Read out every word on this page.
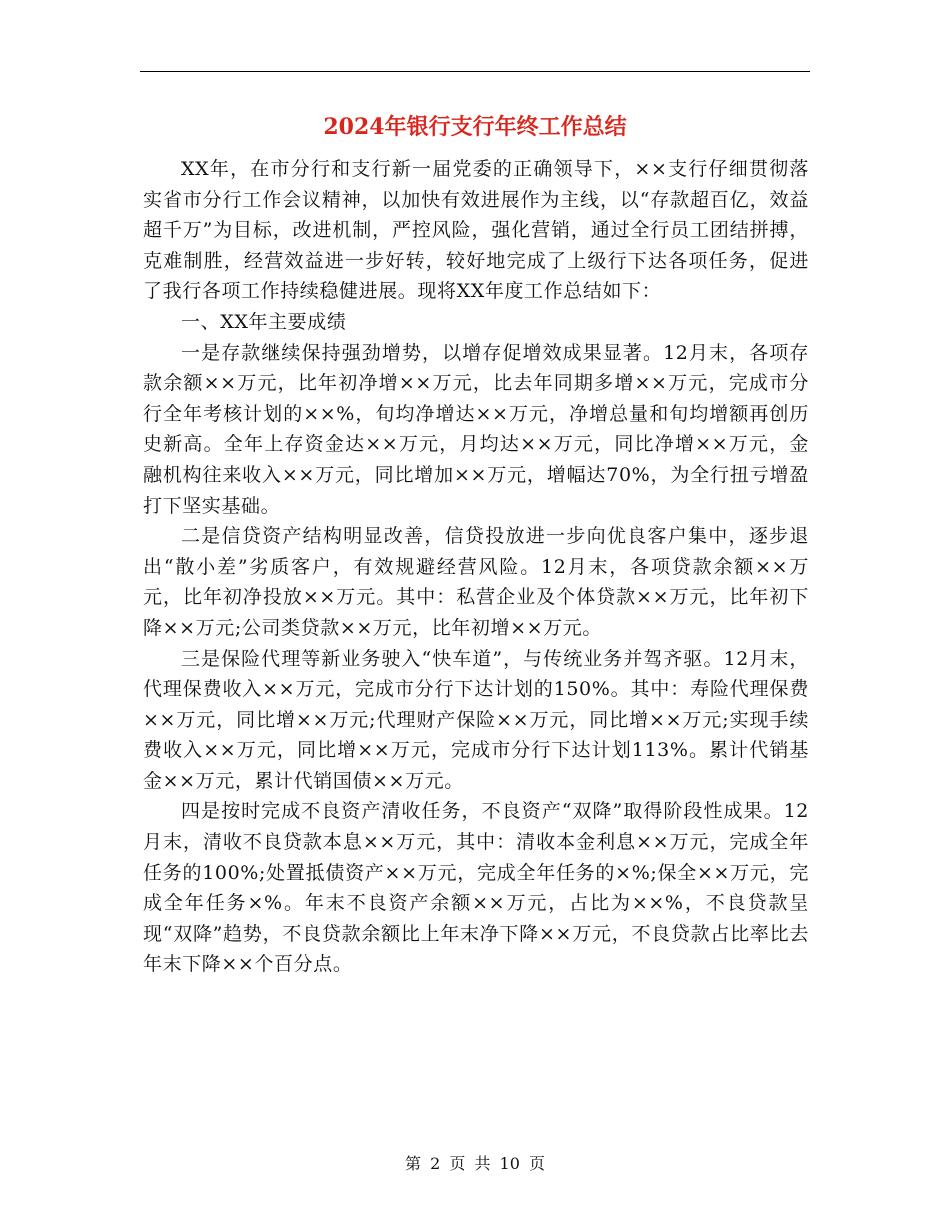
2024年银行支行年终工作总结

XX年，在市分行和支行新一届党委的正确领导下，××支行仔细贯彻落实省市分行工作会议精神，以加快有效进展作为主线，以“存款超百亿，效益超千万”为目标，改进机制，严控风险，强化营销，通过全行员工团结拼搏，克难制胜，经营效益进一步好转，较好地完成了上级行下达各项任务，促进了我行各项工作持续稳健进展。现将XX年度工作总结如下：

一、XX年主要成绩

一是存款继续保持强劲增势，以增存促增效成果显著。12月末，各项存款余额××万元，比年初净增××万元，比去年同期多增××万元，完成市分行全年考核计划的××%，旬均净增达××万元，净增总量和旬均增额再创历史新高。全年上存资金达××万元，月均达××万元，同比净增××万元，金融机构往来收入××万元，同比增加××万元，增幅达70%，为全行扭亏增盈打下坚实基础。

二是信贷资产结构明显改善，信贷投放进一步向优良客户集中，逐步退出“散小差”劣质客户，有效规避经营风险。12月末，各项贷款余额××万元，比年初净投放××万元。其中：私营企业及个体贷款××万元，比年初下降××万元;公司类贷款××万元，比年初增××万元。

三是保险代理等新业务驶入“快车道”，与传统业务并驾齐驱。12月末，代理保费收入××万元，完成市分行下达计划的150%。其中：寿险代理保费××万元，同比增××万元;代理财产保险××万元，同比增××万元;实现手续费收入××万元，同比增××万元，完成市分行下达计划113%。累计代销基金××万元，累计代销国债××万元。

四是按时完成不良资产清收任务，不良资产“双降”取得阶段性成果。12月末，清收不良贷款本息××万元，其中：清收本金利息××万元，完成全年任务的100%;处置抵债资产××万元，完成全年任务的×%;保全××万元，完成全年任务×%。年末不良资产余额××万元，占比为××%，不良贷款呈现“双降”趋势，不良贷款余额比上年末净下降××万元，不良贷款占比率比去年末下降××个百分点。

第 2 页 共 10 页
